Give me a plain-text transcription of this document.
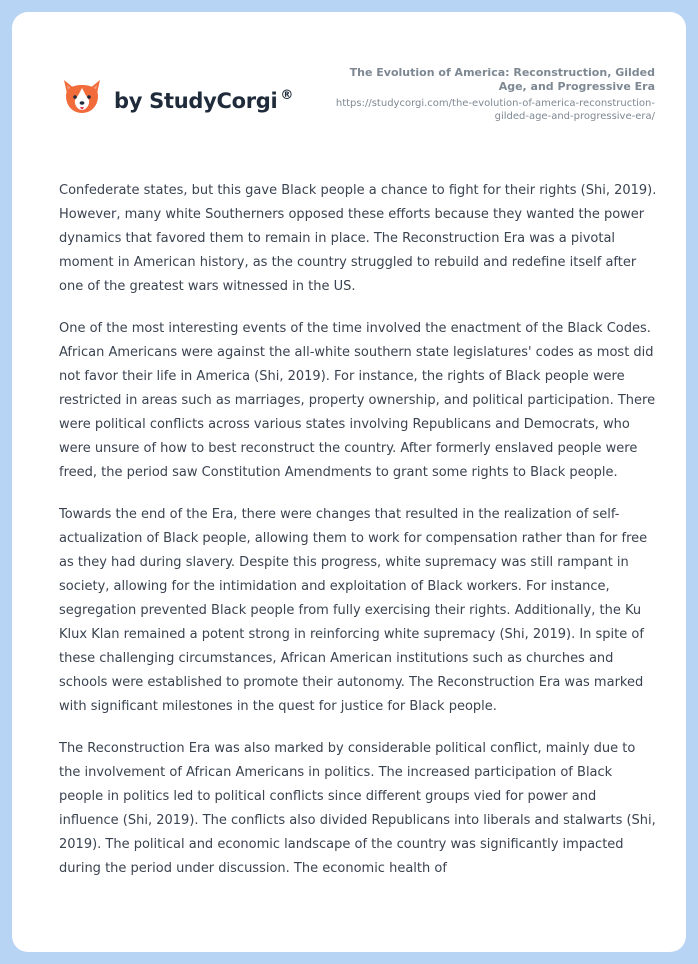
by StudyCorgi ®
The Evolution of America: Reconstruction, Gilded Age, and Progressive Era
https://studycorgi.com/the-evolution-of-america-reconstruction-gilded-age-and-progressive-era/

Confederate states, but this gave Black people a chance to fight for their rights (Shi, 2019). However, many white Southerners opposed these efforts because they wanted the power dynamics that favored them to remain in place. The Reconstruction Era was a pivotal moment in American history, as the country struggled to rebuild and redefine itself after one of the greatest wars witnessed in the US.

One of the most interesting events of the time involved the enactment of the Black Codes. African Americans were against the all-white southern state legislatures' codes as most did not favor their life in America (Shi, 2019). For instance, the rights of Black people were restricted in areas such as marriages, property ownership, and political participation. There were political conflicts across various states involving Republicans and Democrats, who were unsure of how to best reconstruct the country. After formerly enslaved people were freed, the period saw Constitution Amendments to grant some rights to Black people.

Towards the end of the Era, there were changes that resulted in the realization of self-actualization of Black people, allowing them to work for compensation rather than for free as they had during slavery. Despite this progress, white supremacy was still rampant in society, allowing for the intimidation and exploitation of Black workers. For instance, segregation prevented Black people from fully exercising their rights. Additionally, the Ku Klux Klan remained a potent strong in reinforcing white supremacy (Shi, 2019). In spite of these challenging circumstances, African American institutions such as churches and schools were established to promote their autonomy. The Reconstruction Era was marked with significant milestones in the quest for justice for Black people.

The Reconstruction Era was also marked by considerable political conflict, mainly due to the involvement of African Americans in politics. The increased participation of Black people in politics led to political conflicts since different groups vied for power and influence (Shi, 2019). The conflicts also divided Republicans into liberals and stalwarts (Shi, 2019). The political and economic landscape of the country was significantly impacted during the period under discussion. The economic health of
